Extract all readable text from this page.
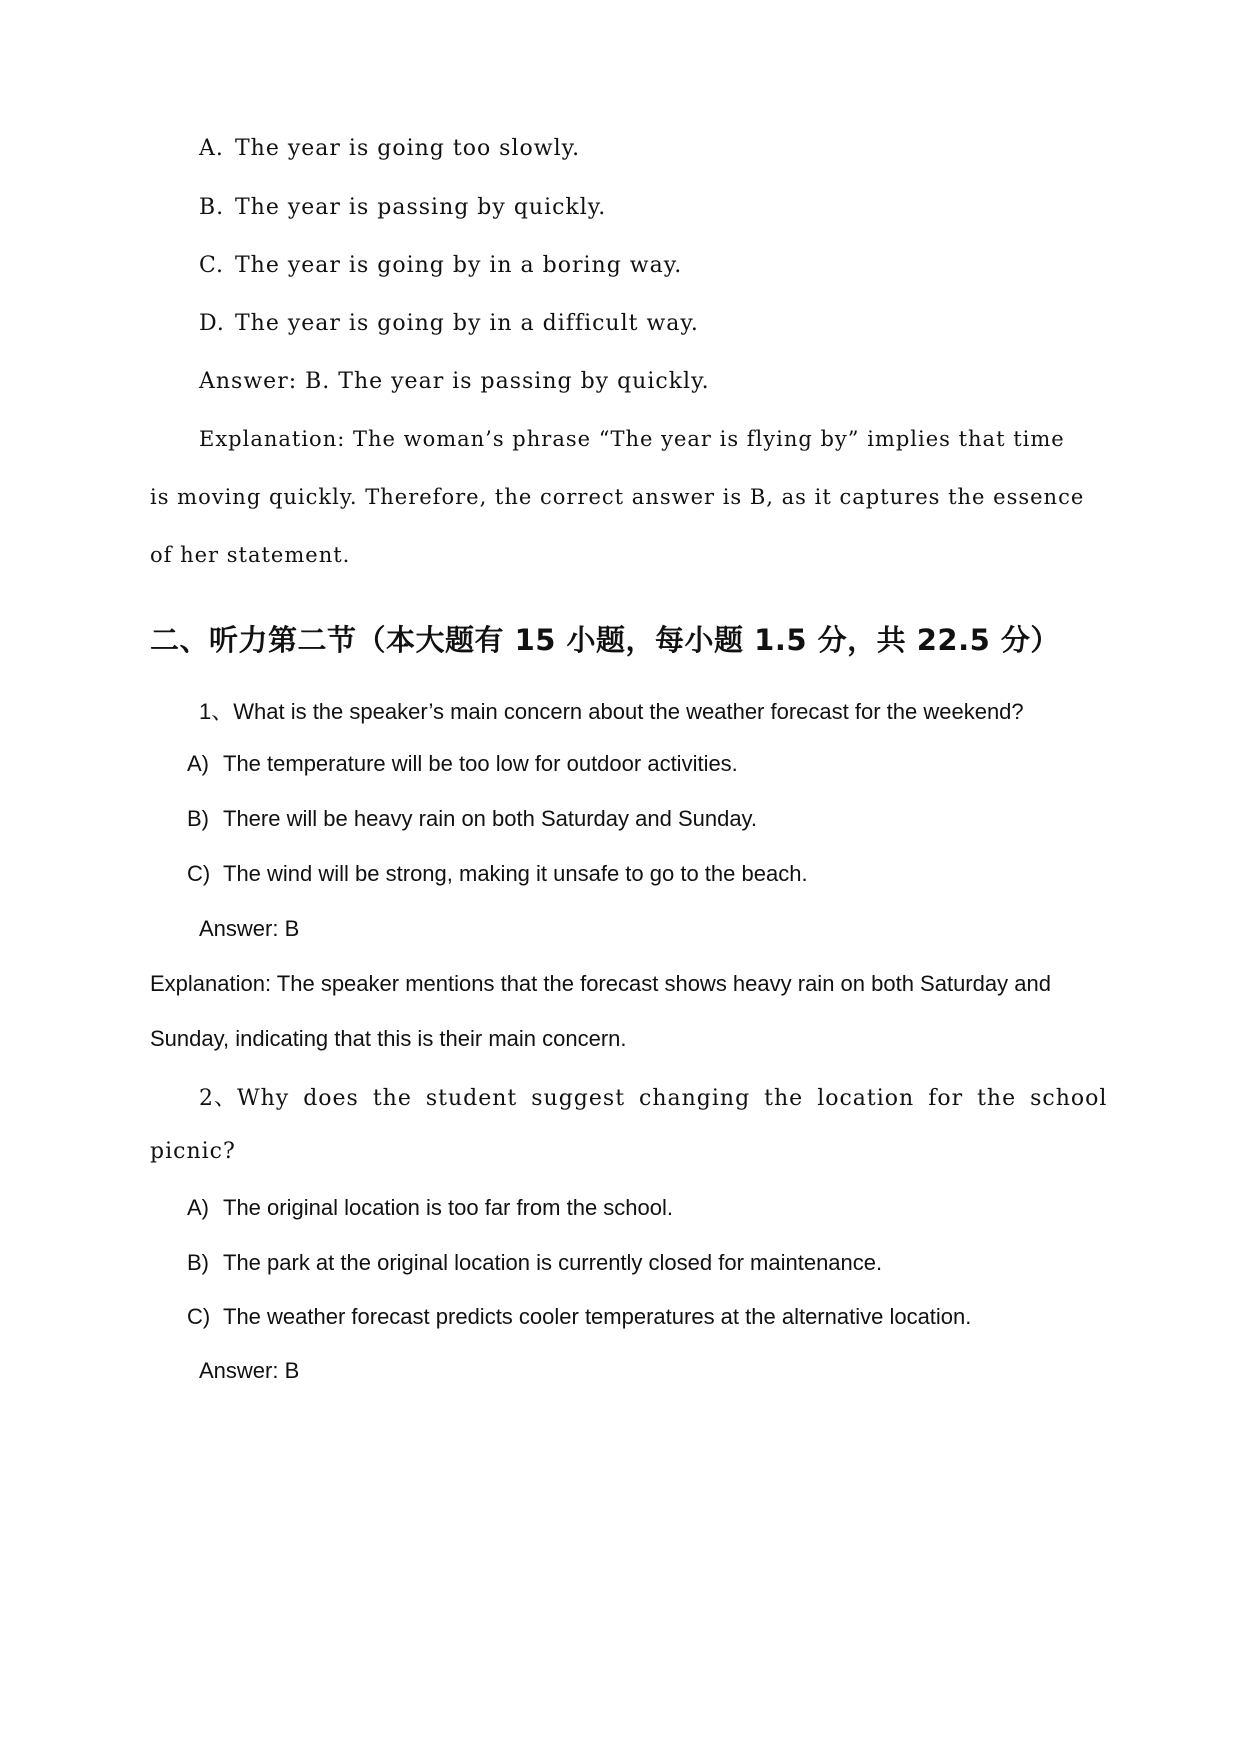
A. The year is going too slowly.
B. The year is passing by quickly.
C. The year is going by in a boring way.
D. The year is going by in a difficult way.
Answer: B. The year is passing by quickly.
Explanation: The woman’s phrase “The year is flying by” implies that time
is moving quickly. Therefore, the correct answer is B, as it captures the essence
of her statement.
二、听力第二节（本大题有 15 小题，每小题 1.5 分，共 22.5 分）
1、What is the speaker’s main concern about the weather forecast for the weekend?
A) The temperature will be too low for outdoor activities.
B) There will be heavy rain on both Saturday and Sunday.
C) The wind will be strong, making it unsafe to go to the beach.
Answer: B
Explanation: The speaker mentions that the forecast shows heavy rain on both Saturday and
Sunday, indicating that this is their main concern.
2、Why does the student suggest changing the location for the school
picnic?
A) The original location is too far from the school.
B) The park at the original location is currently closed for maintenance.
C) The weather forecast predicts cooler temperatures at the alternative location.
Answer: B
